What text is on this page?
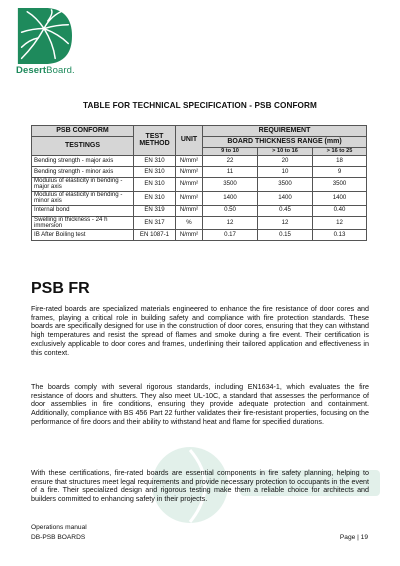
DesertBoard.
TABLE FOR TECHNICAL SPECIFICATION - PSB CONFORM
PSB CONFORM	TEST METHOD	UNIT	REQUIREMENT		
TESTINGS			BOARD THICKNESS RANGE (mm)		
			9 to 10	> 10 to 16	> 16 to 25
Bending strength - major axis	EN 310	N/mm²	22	20	18
Bending strength - minor axis	EN 310	N/mm²	11	10	9
Modulus of elasticity in bending - major axis	EN 310	N/mm²	3500	3500	3500
Modulus of elasticity in bending - minor axis	EN 310	N/mm²	1400	1400	1400
Internal bond	EN 319	N/mm²	0.50	0.45	0.40
Swelling in thickness - 24 h immersion	EN 317	%	12	12	12
IB After Boiling test	EN 1087-1	N/mm²	0.17	0.15	0.13
PSB FR

Fire-rated boards are specialized materials engineered to enhance the fire resistance of door cores and frames, playing a critical role in building safety and compliance with fire protection standards. These boards are specifically designed for use in the construction of door cores, ensuring that they can withstand high temperatures and resist the spread of flames and smoke during a fire event. Their certification is exclusively applicable to door cores and frames, underlining their tailored application and effectiveness in this context.

The boards comply with several rigorous standards, including EN1634-1, which evaluates the fire resistance of doors and shutters. They also meet UL-10C, a standard that assesses the performance of door assemblies in fire conditions, ensuring they provide adequate protection and containment. Additionally, compliance with BS 456 Part 22 further validates their fire-resistant properties, focusing on the performance of fire doors and their ability to withstand heat and flame for specified durations.

With these certifications, fire-rated boards are essential components in fire safety planning, helping to ensure that structures meet legal requirements and provide necessary protection to occupants in the event of a fire. Their specialized design and rigorous testing make them a reliable choice for architects and builders committed to enhancing safety in their projects.

Operations manual
DB-PSB BOARDS	Page | 19
